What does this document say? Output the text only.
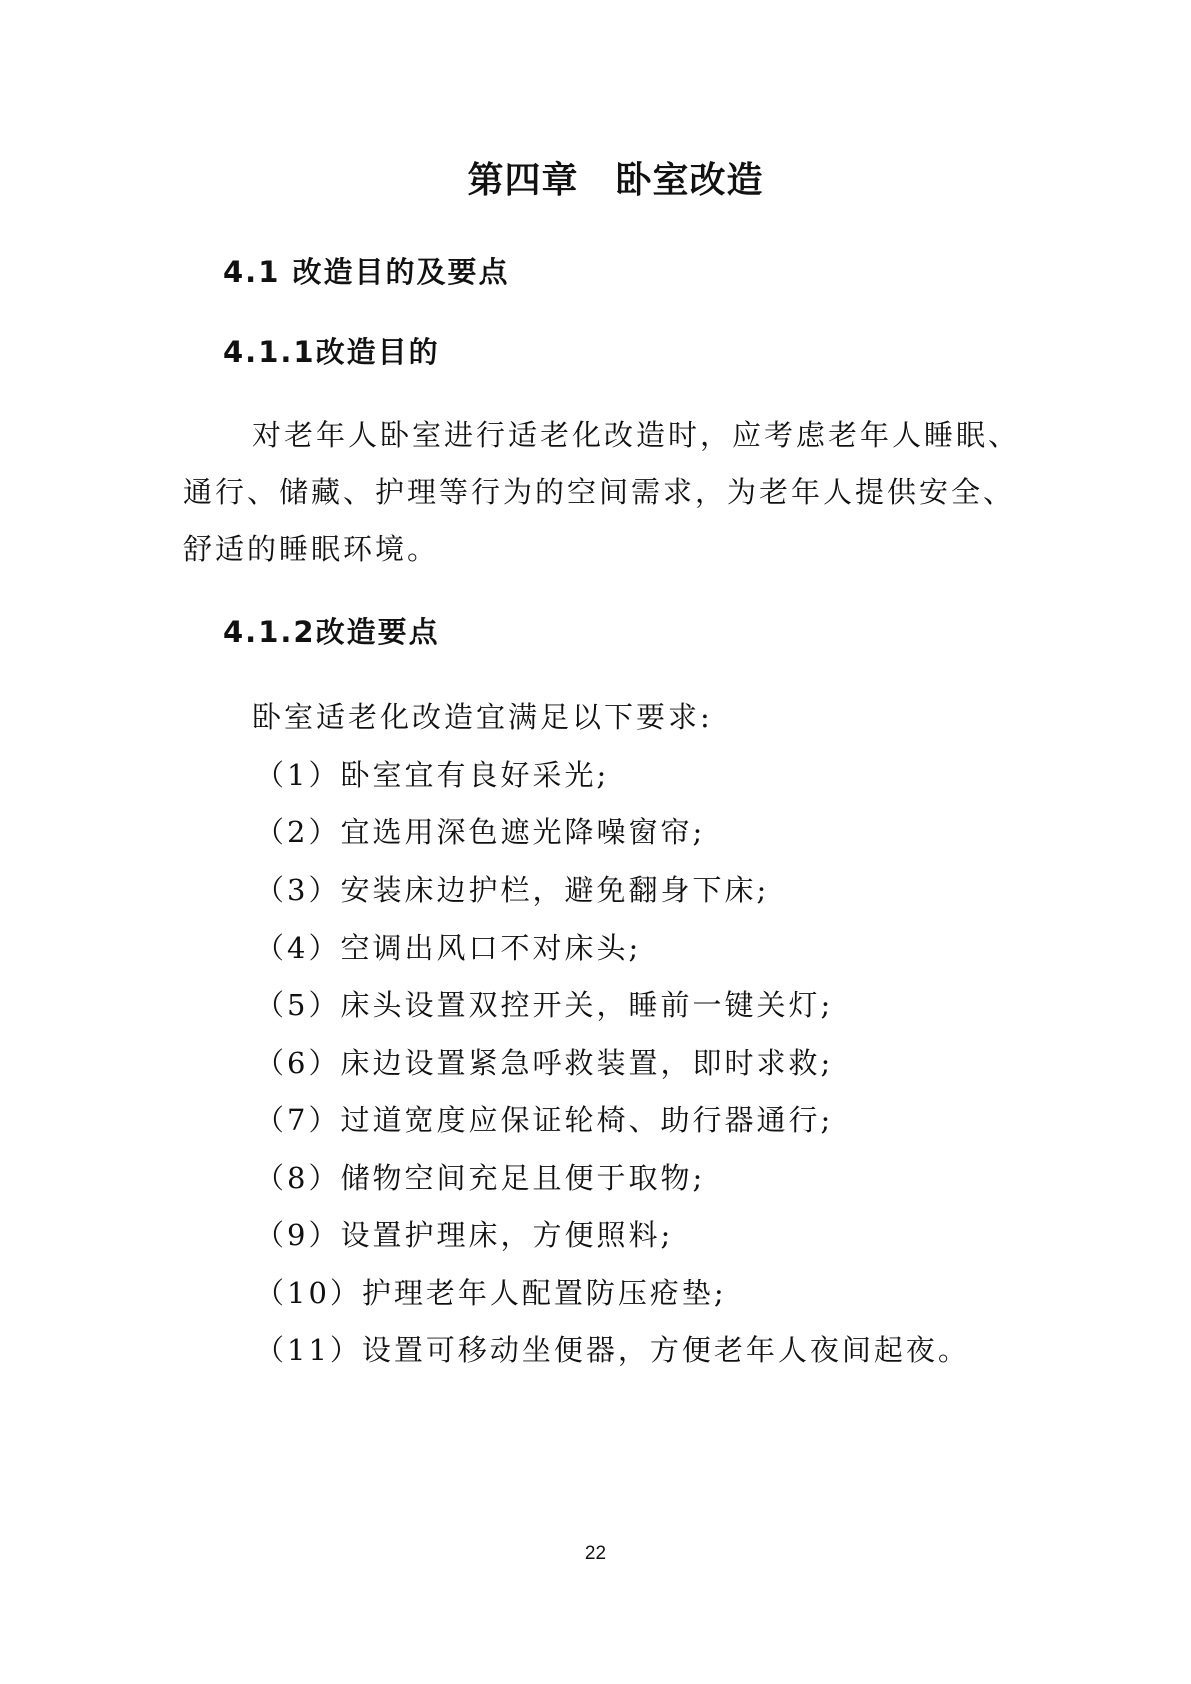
第四章　卧室改造
4.1 改造目的及要点
4.1.1改造目的
对老年人卧室进行适老化改造时，应考虑老年人睡眠、
通行、储藏、护理等行为的空间需求，为老年人提供安全、
舒适的睡眠环境。
4.1.2改造要点
卧室适老化改造宜满足以下要求:
（1）卧室宜有良好采光;
（2）宜选用深色遮光降噪窗帘;
（3）安装床边护栏，避免翻身下床;
（4）空调出风口不对床头;
（5）床头设置双控开关，睡前一键关灯;
（6）床边设置紧急呼救装置，即时求救;
（7）过道宽度应保证轮椅、助行器通行;
（8）储物空间充足且便于取物;
（9）设置护理床，方便照料;
（10）护理老年人配置防压疮垫;
（11）设置可移动坐便器，方便老年人夜间起夜。
22
